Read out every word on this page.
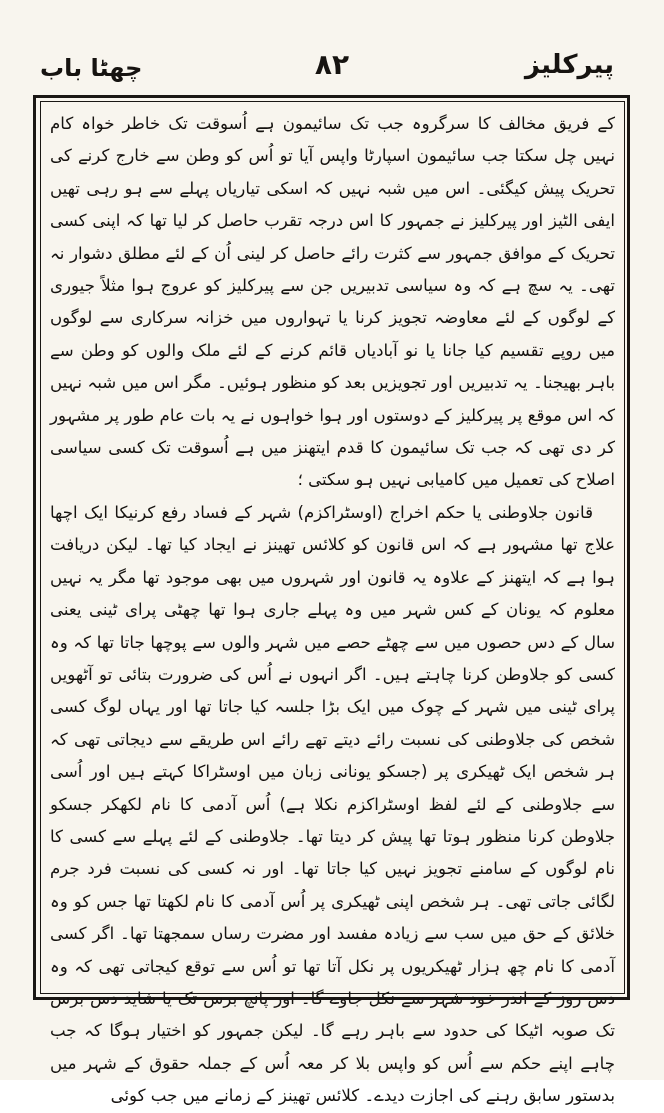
پیرکلیز
۸۲
چھٹا باب

کے فریق مخالف کا سرگروہ جب تک سائیمون ہے اُسوقت تک خاطر خواہ کام نہیں چل سکتا جب سائیمون اسپارٹا واپس آیا تو اُس کو وطن سے خارج کرنے کی تحریک پیش کیگئی۔ اس میں شبہ نہیں کہ اسکی تیاریاں پہلے سے ہو رہی تھیں ایفی الٹیز اور پیرکلیز نے جمہور کا اس درجہ تقرب حاصل کر لیا تھا کہ اپنی کسی تحریک کے موافق جمہور سے کثرت رائے حاصل کر لینی اُن کے لئے مطلق دشوار نہ تھی۔ یہ سچ ہے کہ وہ سیاسی تدبیریں جن سے پیرکلیز کو عروج ہوا مثلاً جیوری کے لوگوں کے لئے معاوضہ تجویز کرنا یا تہواروں میں خزانہ سرکاری سے لوگوں میں روپے تقسیم کیا جانا یا نو آبادیاں قائم کرنے کے لئے ملک والوں کو وطن سے باہر بھیجنا۔ یہ تدبیریں اور تجویزیں بعد کو منظور ہوئیں۔ مگر اس میں شبہ نہیں کہ اس موقع پر پیرکلیز کے دوستوں اور ہوا خواہوں نے یہ بات عام طور پر مشہور کر دی تھی کہ جب تک سائیمون کا قدم ایتھنز میں ہے اُسوقت تک کسی سیاسی اصلاح کی تعمیل میں کامیابی نہیں ہو سکتی ؛

قانون جلاوطنی یا حکم اخراج (اوسٹراکزم) شہر کے فساد رفع کرنیکا ایک اچھا علاج تھا مشہور ہے کہ اس قانون کو کلائس تھینز نے ایجاد کیا تھا۔ لیکن دریافت ہوا ہے کہ ایتھنز کے علاوہ یہ قانون اور شہروں میں بھی موجود تھا مگر یہ نہیں معلوم کہ یونان کے کس شہر میں وہ پہلے جاری ہوا تھا چھٹی پرای ٹینی یعنی سال کے دس حصوں میں سے چھٹے حصے میں شہر والوں سے پوچھا جاتا تھا کہ وہ کسی کو جلاوطن کرنا چاہتے ہیں۔ اگر انہوں نے اُس کی ضرورت بتائی تو آٹھویں پرای ٹینی میں شہر کے چوک میں ایک بڑا جلسہ کیا جاتا تھا اور یہاں لوگ کسی شخص کی جلاوطنی کی نسبت رائے دیتے تھے رائے اس طریقے سے دیجاتی تھی کہ ہر شخص ایک ٹھیکری پر (جسکو یونانی زبان میں اوسٹراکا کہتے ہیں اور اُسی سے جلاوطنی کے لئے لفظ اوسٹراکزم نکلا ہے) اُس آدمی کا نام لکھکر جسکو جلاوطن کرنا منظور ہوتا تھا پیش کر دیتا تھا۔ جلاوطنی کے لئے پہلے سے کسی کا نام لوگوں کے سامنے تجویز نہیں کیا جاتا تھا۔ اور نہ کسی کی نسبت فرد جرم لگائی جاتی تھی۔ ہر شخص اپنی ٹھیکری پر اُس آدمی کا نام لکھتا تھا جس کو وہ خلائق کے حق میں سب سے زیادہ مفسد اور مضرت رساں سمجھتا تھا۔ اگر کسی آدمی کا نام چھ ہزار ٹھیکریوں پر نکل آتا تھا تو اُس سے توقع کیجاتی تھی کہ وہ دس روز کے اندر خود شہر سے نکل جاوے گا۔ اور پانچ برس تک یا شاید دس برس تک صوبہ اٹیکا کی حدود سے باہر رہے گا۔ لیکن جمہور کو اختیار ہوگا کہ جب چاہے اپنے حکم سے اُس کو واپس بلا کر معہ اُس کے جملہ حقوق کے شہر میں بدستور سابق رہنے کی اجازت دیدے۔ کلائس تھینز کے زمانے میں جب کوئی
